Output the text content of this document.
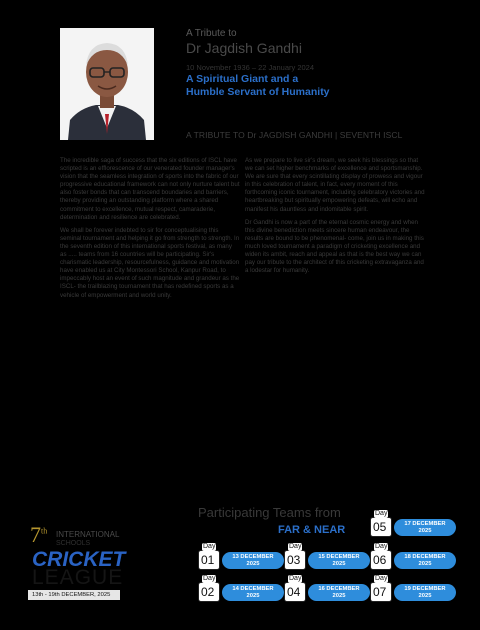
A Tribute to
Dr Jagdish Gandhi
10 November 1936 – 22 January 2024
A Spiritual Giant and a
Humble Servant of Humanity
A TRIBUTE TO Dr JAGDISH GANDHI | SEVENTH ISCL

The incredible saga of success that the six editions of ISCL have scripted is an efflorescence of our venerated founder manager's vision that the seamless integration of sports into the fabric of our progressive educational framework can not only nurture talent but also foster bonds that can transcend boundaries and barriers, thereby providing an outstanding platform where a shared commitment to excellence, mutual respect, camaraderie, determination and resilience are celebrated.

We shall be forever indebted to sir for conceptualising this seminal tournament and helping it go from strength to strength. In the seventh edition of this international sports festival, as many as ..... teams from 16 countries will be participating. Sir's charismatic leadership, resourcefulness, guidance and motivation have enabled us at City Montessori School, Kanpur Road, to impeccably host an event of such magnitude and grandeur as the ISCL- the trailblazing tournament that has redefined sports as a vehicle of empowerment and world unity.

As we prepare to live sir's dream, we seek his blessings so that we can set higher benchmarks of excellence and sportsmanship. We are sure that every scintillating display of prowess and vigour in this celebration of talent, in fact, every moment of this forthcoming iconic tournament, including celebratory victories and heartbreaking but spiritually empowering defeats, will echo and manifest his dauntless and indomitable spirit.

Dr Gandhi is now a part of the eternal cosmic energy and when this divine benediction meets sincere human endeavour, the results are bound to be phenomenal- come, join us in making this much loved tournament a paradigm of cricketing excellence and widen its ambit, reach and appeal as that is the best way we can pay our tribute to the architect of this cricketing extravaganza and a lodestar for humanity.

7th INTERNATIONAL
SCHOOLS
CRICKET
LEAGUE
13th - 19th DECEMBER, 2025
Participating Teams from
FAR & NEAR
Day
01	13 DECEMBER
2025
Day
02	14 DECEMBER
2025
Day
03	15 DECEMBER
2025
Day
04	16 DECEMBER
2025
Day
05	17 DECEMBER
2025
Day
06	18 DECEMBER
2025
Day
07	19 DECEMBER
2025
